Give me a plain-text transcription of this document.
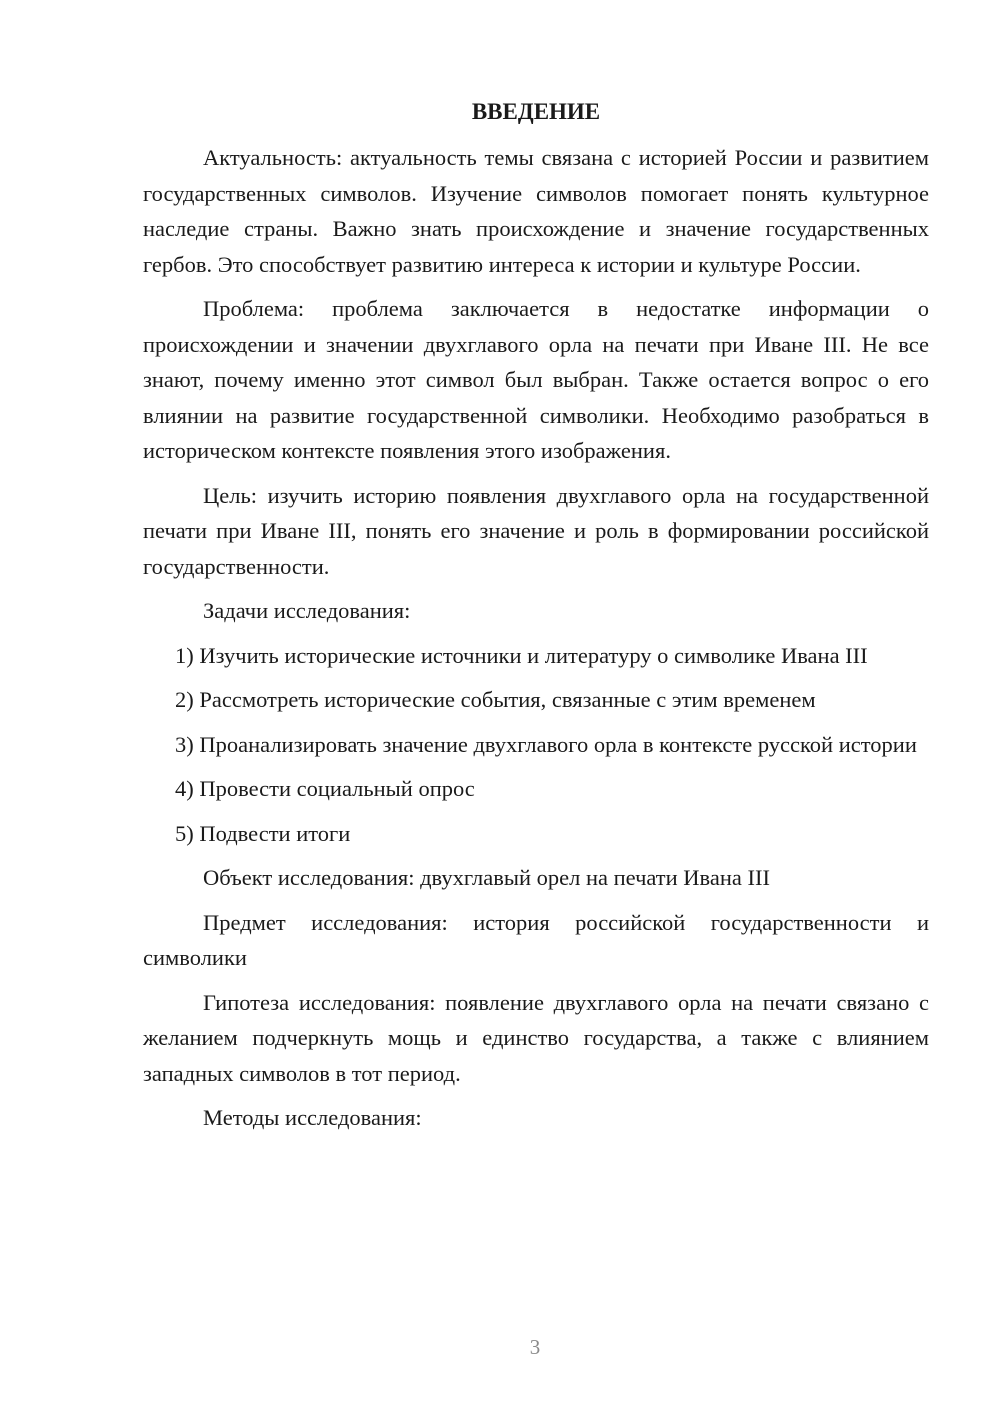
ВВЕДЕНИЕ

Актуальность: актуальность темы связана с историей России и развитием государственных символов. Изучение символов помогает понять культурное наследие страны. Важно знать происхождение и значение государственных гербов. Это способствует развитию интереса к истории и культуре России.

Проблема: проблема заключается в недостатке информации о происхождении и значении двухглавого орла на печати при Иване III. Не все знают, почему именно этот символ был выбран. Также остается вопрос о его влиянии на развитие государственной символики. Необходимо разобраться в историческом контексте появления этого изображения.

Цель: изучить историю появления двухглавого орла на государственной печати при Иване III, понять его значение и роль в формировании российской государственности.

Задачи исследования:

1) Изучить исторические источники и литературу о символике Ивана III

2) Рассмотреть исторические события, связанные с этим временем

3) Проанализировать значение двухглавого орла в контексте русской истории

4) Провести социальный опрос

5) Подвести итоги

Объект исследования: двухглавый орел на печати Ивана III

Предмет исследования: история российской государственности и символики

Гипотеза исследования: появление двухглавого орла на печати связано с желанием подчеркнуть мощь и единство государства, а также с влиянием западных символов в тот период.

Методы исследования:

3
